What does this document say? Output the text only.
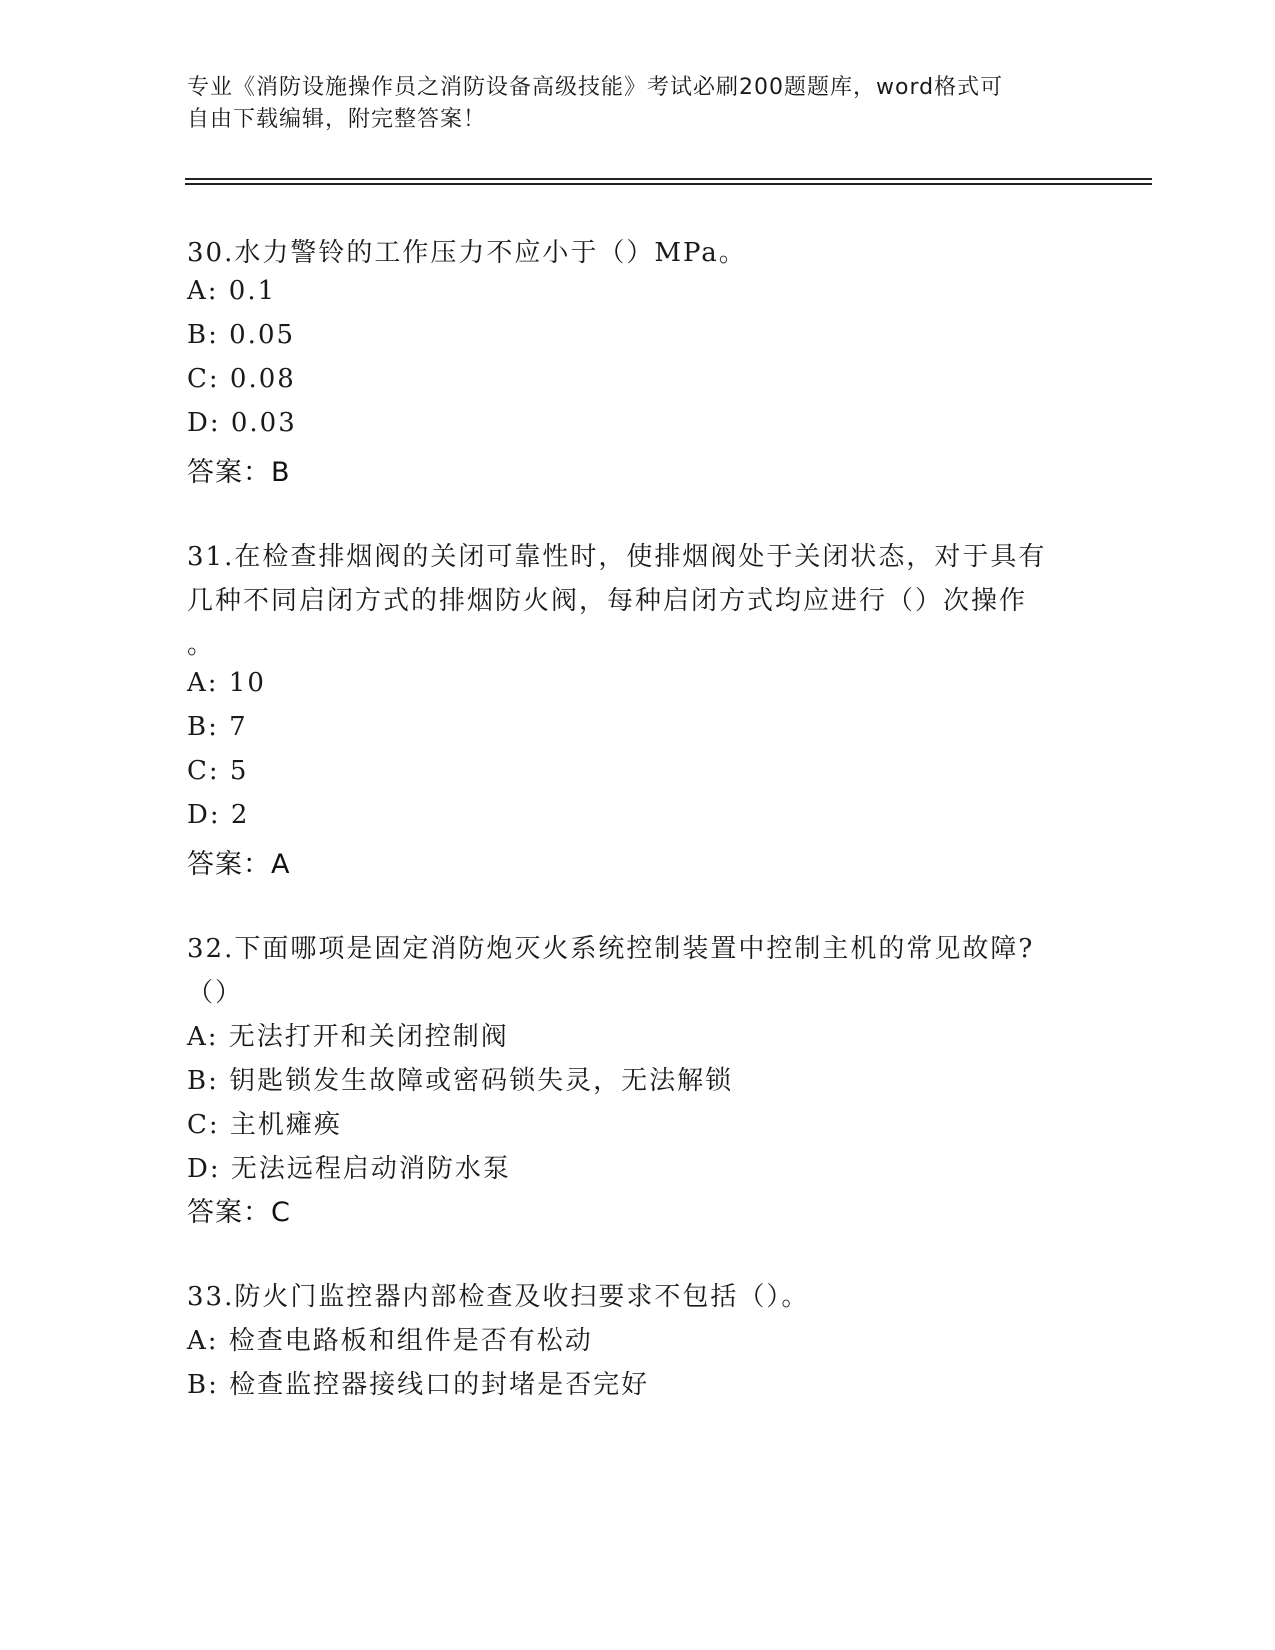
专业《消防设施操作员之消防设备高级技能》考试必刷200题题库，word格式可
自由下载编辑，附完整答案！
30.水力警铃的工作压力不应小于（）MPa。
A: 0.1
B: 0.05
C: 0.08
D: 0.03
答案：B
31.在检查排烟阀的关闭可靠性时，使排烟阀处于关闭状态，对于具有
几种不同启闭方式的排烟防火阀，每种启闭方式均应进行（）次操作
。
A: 10
B: 7
C: 5
D: 2
答案：A
32.下面哪项是固定消防炮灭火系统控制装置中控制主机的常见故障?
（）
A: 无法打开和关闭控制阀
B: 钥匙锁发生故障或密码锁失灵，无法解锁
C: 主机瘫痪
D: 无法远程启动消防水泵
答案：C
33.防火门监控器内部检查及收扫要求不包括（）。
A: 检查电路板和组件是否有松动
B: 检查监控器接线口的封堵是否完好
